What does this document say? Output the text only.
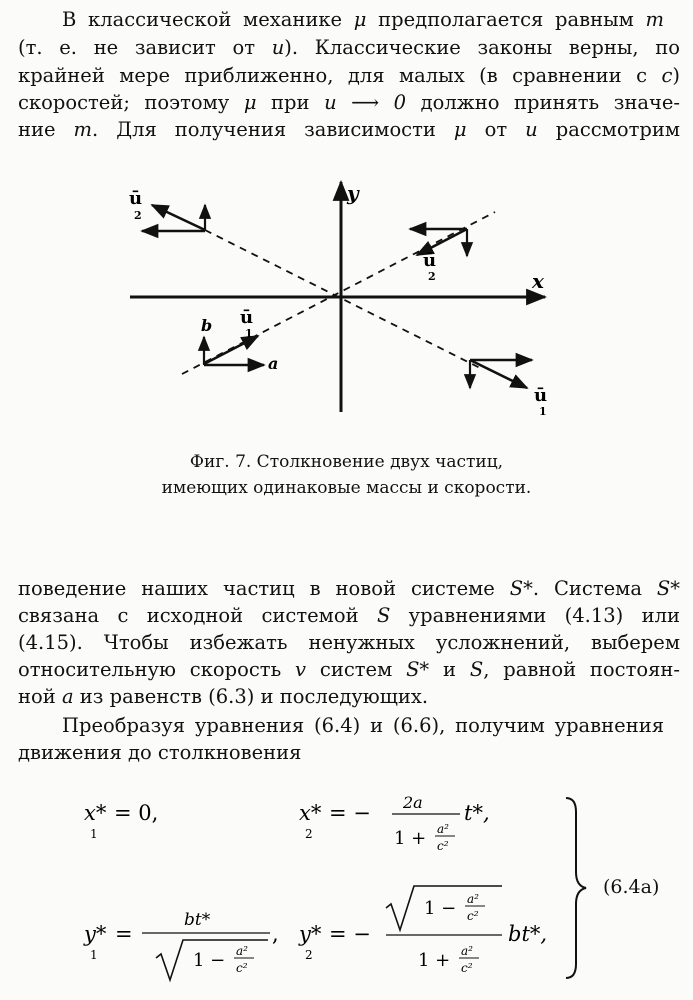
В классической механике μ предполагается равным m
(т. е. не зависит от u). Классические законы верны, по
крайней мере приближенно, для малых (в сравнении с c)
скоростей; поэтому μ при u ⟶ 0 должно принять значе-
ние m. Для получения зависимости μ от u рассмотрим
x
y
ū
2
ū
2
a
b ū
1
ū
1
Фиг. 7. Столкновение двух частиц,
имеющих одинаковые массы и скорости.
поведение наших частиц в новой системе S*. Система S*
связана с исходной системой S уравнениями (4.13) или
(4.15). Чтобы избежать ненужных усложнений, выберем
относительную скорость v систем S* и S, равной постоян-
ной a из равенств (6.3) и последующих.
Преобразуя уравнения (6.4) и (6.6), получим уравнения
движения до столкновения
x*
1
= 0,	x*
2
= − 2a
1 + a²
c²
t*,
y*
1
=
bt*
1 − a²
c²
, y*
2
= −
1 − a²
c²
1 + a²
c²
bt*,
(6.4a)
